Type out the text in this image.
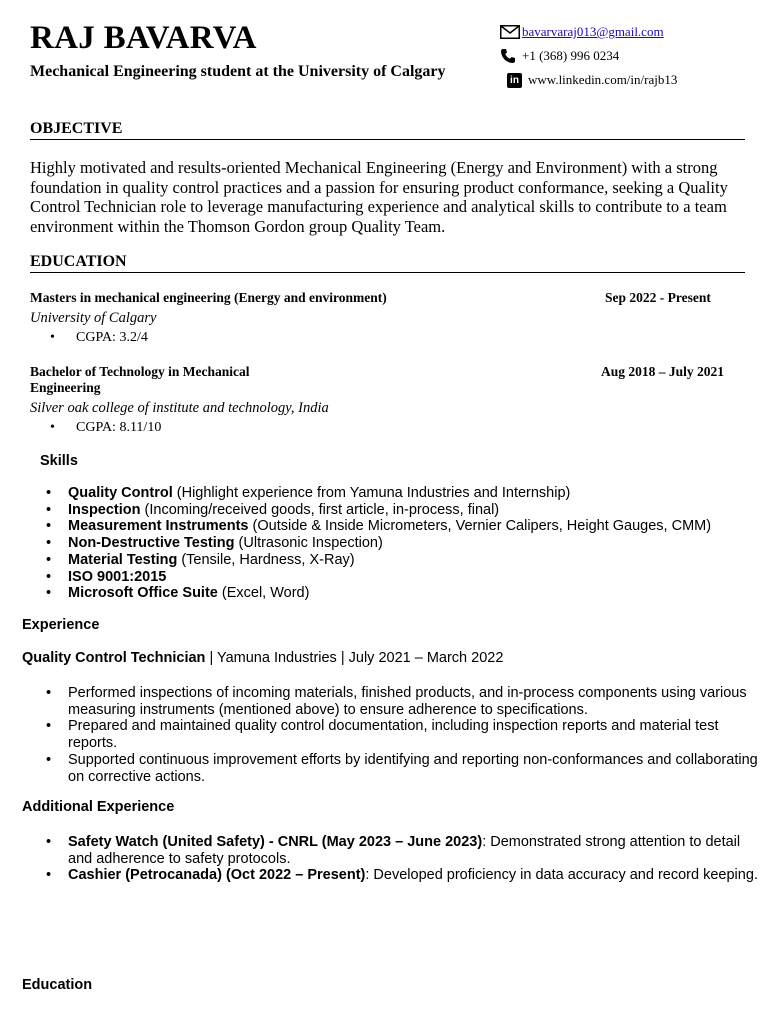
RAJ BAVARVA
Mechanical Engineering student at the University of Calgary
bavarvaraj013@gmail.com
+1 (368) 996 0234
in www.linkedin.com/in/rajb13
OBJECTIVE
Highly motivated and results-oriented Mechanical Engineering (Energy and Environment) with a strong foundation in quality control practices and a passion for ensuring product conformance, seeking a Quality Control Technician role to leverage manufacturing experience and analytical skills to contribute to a team environment within the Thomson Gordon group Quality Team.
EDUCATION
Masters in mechanical engineering (Energy and environment)	Sep 2022 - Present
University of Calgary
• CGPA: 3.2/4
Bachelor of Technology in Mechanical Engineering
Aug 2018 – July 2021
Silver oak college of institute and technology, India
• CGPA: 8.11/10
Skills
• Quality Control (Highlight experience from Yamuna Industries and Internship)
• Inspection (Incoming/received goods, first article, in-process, final)
• Measurement Instruments (Outside & Inside Micrometers, Vernier Calipers, Height Gauges, CMM)
• Non-Destructive Testing (Ultrasonic Inspection)
• Material Testing (Tensile, Hardness, X-Ray)
• ISO 9001:2015
• Microsoft Office Suite (Excel, Word)
Experience
Quality Control Technician | Yamuna Industries | July 2021 – March 2022
• Performed inspections of incoming materials, finished products, and in-process components using various measuring instruments (mentioned above) to ensure adherence to specifications.
• Prepared and maintained quality control documentation, including inspection reports and material test reports.
• Supported continuous improvement efforts by identifying and reporting non-conformances and collaborating on corrective actions.
Additional Experience
• Safety Watch (United Safety) - CNRL (May 2023 – June 2023): Demonstrated strong attention to detail and adherence to safety protocols.
• Cashier (Petrocanada) (Oct 2022 – Present): Developed proficiency in data accuracy and record keeping.
Education
